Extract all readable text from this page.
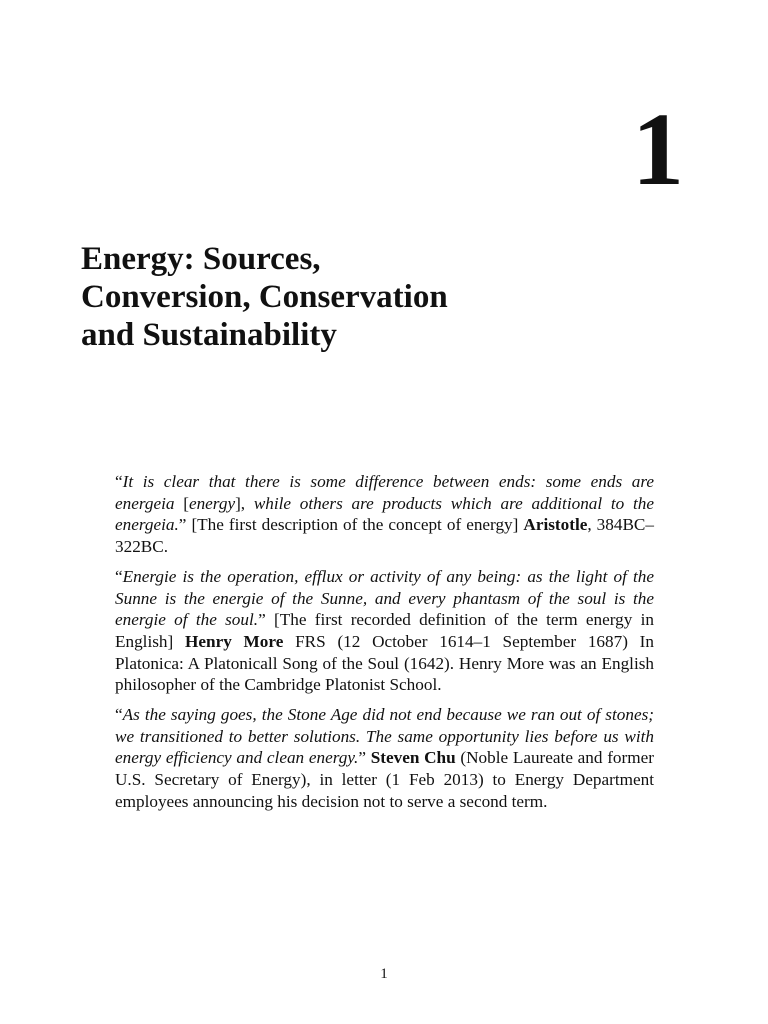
1
Energy: Sources,
Conversion, Conservation
and Sustainability

“It is clear that there is some difference between ends: some ends are energeia [energy], while others are products which are additional to the energeia.” [The first description of the concept of energy] Aristotle, 384BC–322BC.

“Energie is the operation, efflux or activity of any being: as the light of the Sunne is the energie of the Sunne, and every phantasm of the soul is the energie of the soul.” [The first recorded definition of the term energy in English] Henry More FRS (12 October 1614–1 September 1687) In Platonica: A Platonicall Song of the Soul (1642). Henry More was an English philosopher of the Cambridge Platonist School.

“As the saying goes, the Stone Age did not end because we ran out of stones; we transitioned to better solutions. The same opportunity lies before us with energy efficiency and clean energy.” Steven Chu (Noble Laureate and former U.S. Secretary of Energy), in letter (1 Feb 2013) to Energy Department employees announcing his decision not to serve a second term.

1
